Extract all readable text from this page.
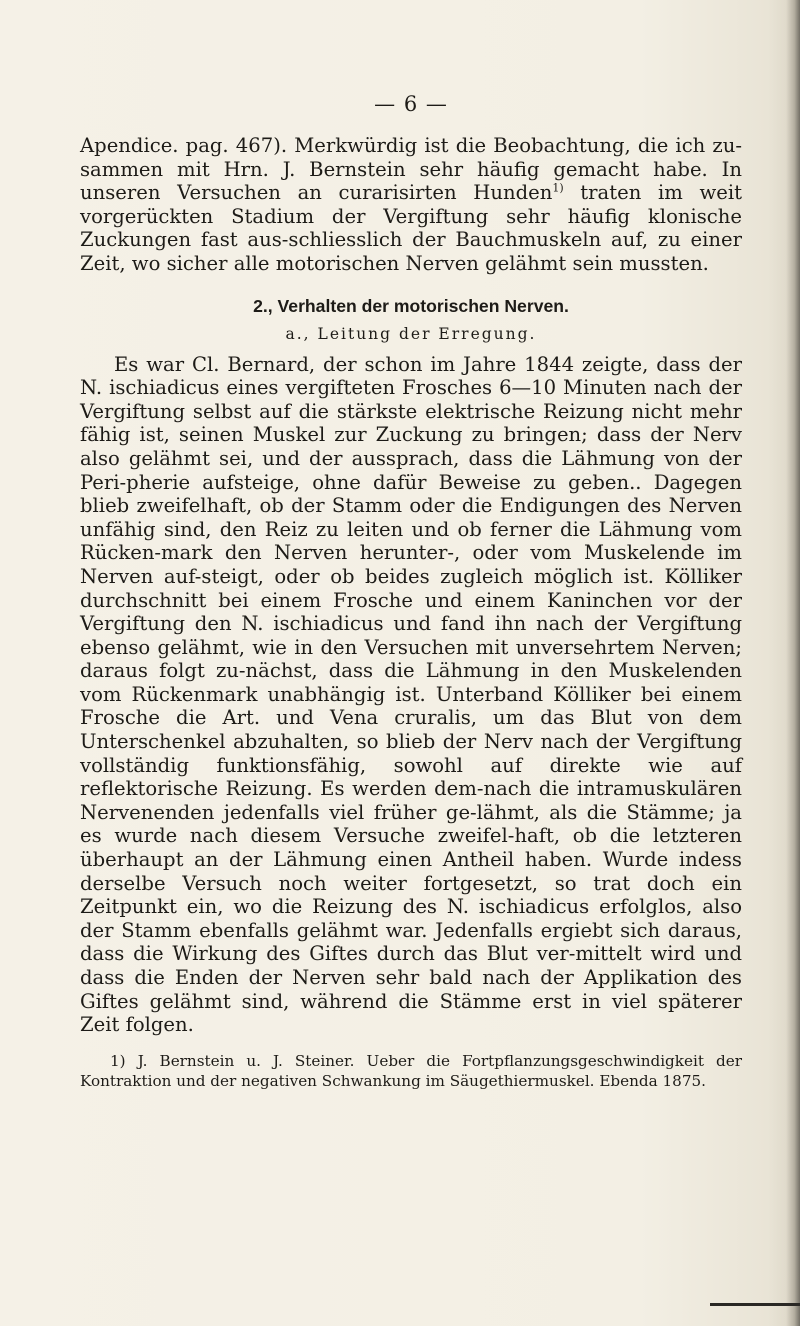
— 6 —

Apendice. pag. 467). Merkwürdig ist die Beobachtung, die ich zu-sammen mit Hrn. J. Bernstein sehr häufig gemacht habe. In unseren Versuchen an curarisirten Hunden$^{1)}$ traten im weit vorgerückten Stadium der Vergiftung sehr häufig klonische Zuckungen fast aus-schliesslich der Bauchmuskeln auf, zu einer Zeit, wo sicher alle motorischen Nerven gelähmt sein mussten.

2., Verhalten der motorischen Nerven.
a., Leitung der Erregung.

Es war Cl. Bernard, der schon im Jahre 1844 zeigte, dass der N. ischiadicus eines vergifteten Frosches 6—10 Minuten nach der Vergiftung selbst auf die stärkste elektrische Reizung nicht mehr fähig ist, seinen Muskel zur Zuckung zu bringen; dass der Nerv also gelähmt sei, und der aussprach, dass die Lähmung von der Peri-pherie aufsteige, ohne dafür Beweise zu geben.. Dagegen blieb zweifelhaft, ob der Stamm oder die Endigungen des Nerven unfähig sind, den Reiz zu leiten und ob ferner die Lähmung vom Rücken-mark den Nerven herunter-, oder vom Muskelende im Nerven auf-steigt, oder ob beides zugleich möglich ist. Kölliker durchschnitt bei einem Frosche und einem Kaninchen vor der Vergiftung den N. ischiadicus und fand ihn nach der Vergiftung ebenso gelähmt, wie in den Versuchen mit unversehrtem Nerven; daraus folgt zu-nächst, dass die Lähmung in den Muskelenden vom Rückenmark unabhängig ist. Unterband Kölliker bei einem Frosche die Art. und Vena cruralis, um das Blut von dem Unterschenkel abzuhalten, so blieb der Nerv nach der Vergiftung vollständig funktionsfähig, sowohl auf direkte wie auf reflektorische Reizung. Es werden dem-nach die intramuskulären Nervenenden jedenfalls viel früher ge-lähmt, als die Stämme; ja es wurde nach diesem Versuche zweifel-haft, ob die letzteren überhaupt an der Lähmung einen Antheil haben. Wurde indess derselbe Versuch noch weiter fortgesetzt, so trat doch ein Zeitpunkt ein, wo die Reizung des N. ischiadicus erfolglos, also der Stamm ebenfalls gelähmt war. Jedenfalls ergiebt sich daraus, dass die Wirkung des Giftes durch das Blut ver-mittelt wird und dass die Enden der Nerven sehr bald nach der Applikation des Giftes gelähmt sind, während die Stämme erst in viel späterer Zeit folgen.

1) J. Bernstein u. J. Steiner. Ueber die Fortpflanzungsgeschwindigkeit der Kontraktion und der negativen Schwankung im Säugethiermuskel. Ebenda 1875.
